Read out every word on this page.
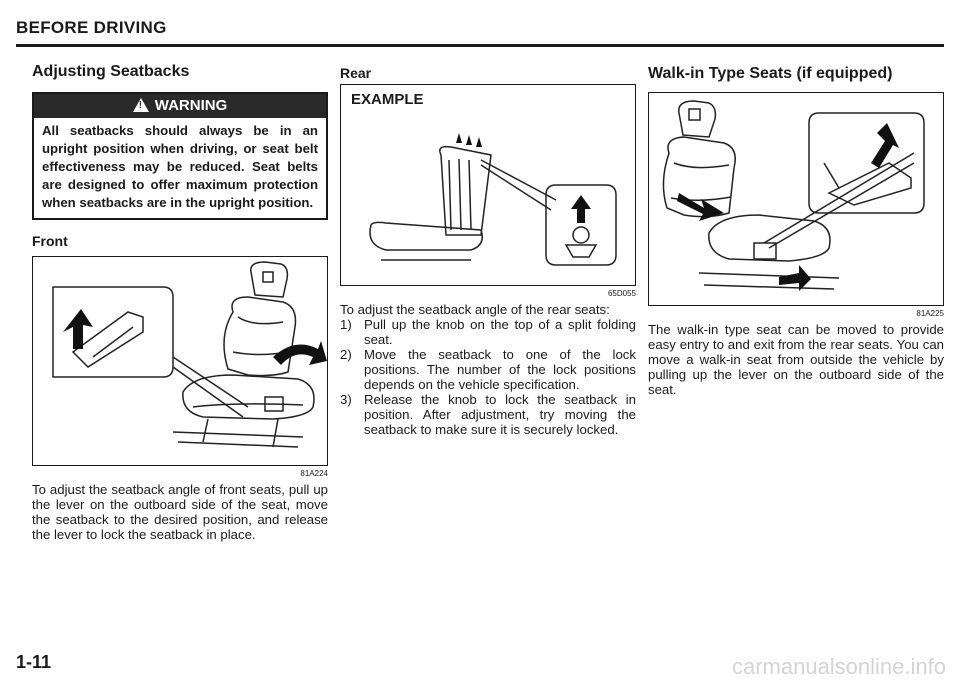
BEFORE DRIVING
Adjusting Seatbacks
!WARNING
All seatbacks should always be in an upright position when driving, or seat belt effectiveness may be reduced. Seat belts are designed to offer maximum protection when seatbacks are in the upright position.
Front
81A224

To adjust the seatback angle of front seats, pull up the lever on the outboard side of the seat, move the seatback to the desired position, and release the lever to lock the seatback in place.

Rear
EXAMPLE
65D055

To adjust the seatback angle of the rear seats:

1) Pull up the knob on the top of a split folding seat.
2) Move the seatback to one of the lock positions. The number of the lock positions depends on the vehicle specification.
3) Release the knob to lock the seatback in position. After adjustment, try moving the seatback to make sure it is securely locked.
Walk-in Type Seats (if equipped)
81A225

The walk-in type seat can be moved to provide easy entry to and exit from the rear seats. You can move a walk-in seat from outside the vehicle by pulling up the lever on the outboard side of the seat.

1-11	carmanualsonline.info
